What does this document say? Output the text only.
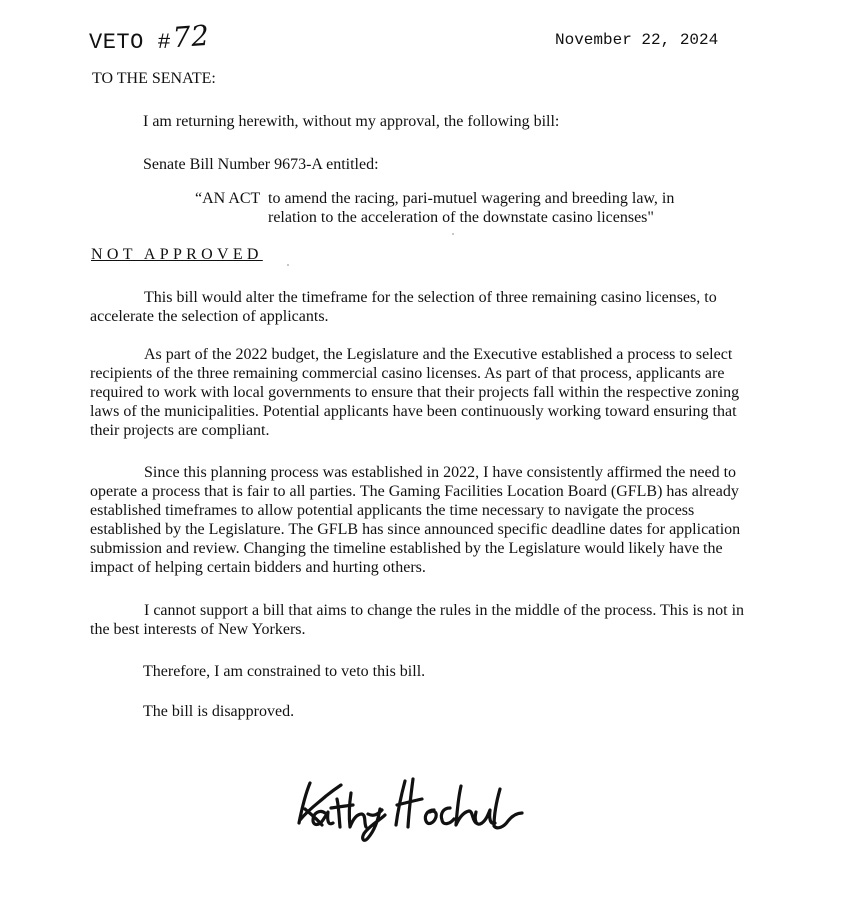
VETO #72	November 22, 2024
TO THE SENATE:
I am returning herewith, without my approval, the following bill:
Senate Bill Number 9673-A entitled:
“AN ACT to amend the racing, pari-mutuel wagering and breeding law, in
relation to the acceleration of the downstate casino licenses"
NOT APPROVED
This bill would alter the timeframe for the selection of three remaining casino licenses, to accelerate the selection of applicants.
As part of the 2022 budget, the Legislature and the Executive established a process to select recipients of the three remaining commercial casino licenses. As part of that process, applicants are required to work with local governments to ensure that their projects fall within the respective zoning laws of the municipalities. Potential applicants have been continuously working toward ensuring that their projects are compliant.
Since this planning process was established in 2022, I have consistently affirmed the need to operate a process that is fair to all parties. The Gaming Facilities Location Board (GFLB) has already established timeframes to allow potential applicants the time necessary to navigate the process established by the Legislature. The GFLB has since announced specific deadline dates for application submission and review. Changing the timeline established by the Legislature would likely have the impact of helping certain bidders and hurting others.
I cannot support a bill that aims to change the rules in the middle of the process. This is not in the best interests of New Yorkers.
Therefore, I am constrained to veto this bill.
The bill is disapproved.
